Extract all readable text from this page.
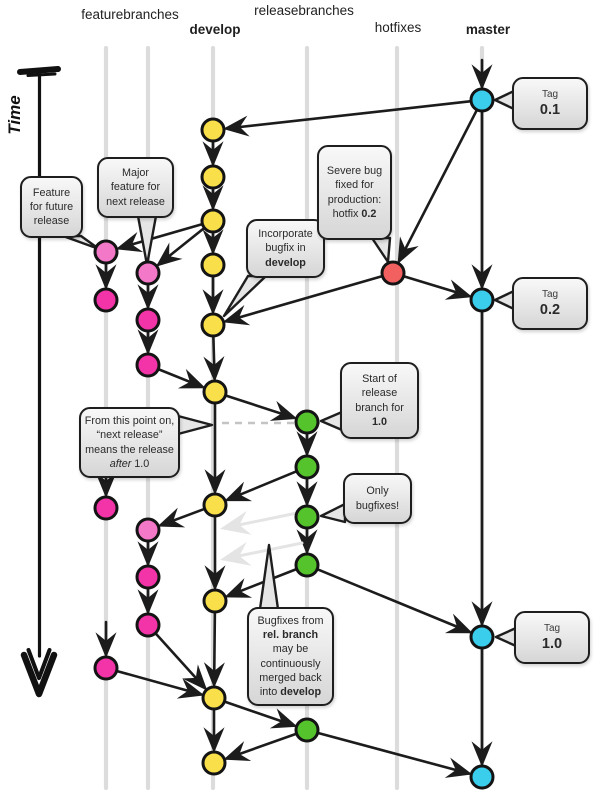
Time
featurebranches
develop
releasebranches
hotfixes	master
Feature
for future
release
Major
feature for
next release
Incorporate
bugfix in
develop
Severe bug
fixed for
production:
hotfix 0.2
Tag
0.1
Tag
0.2
From this point on,
“next release”
means the release
after 1.0
Start of
release
branch for
1.0
Only
bugfixes!
Bugfixes from
rel. branch
may be
continuously
merged back
into develop
Tag
1.0
